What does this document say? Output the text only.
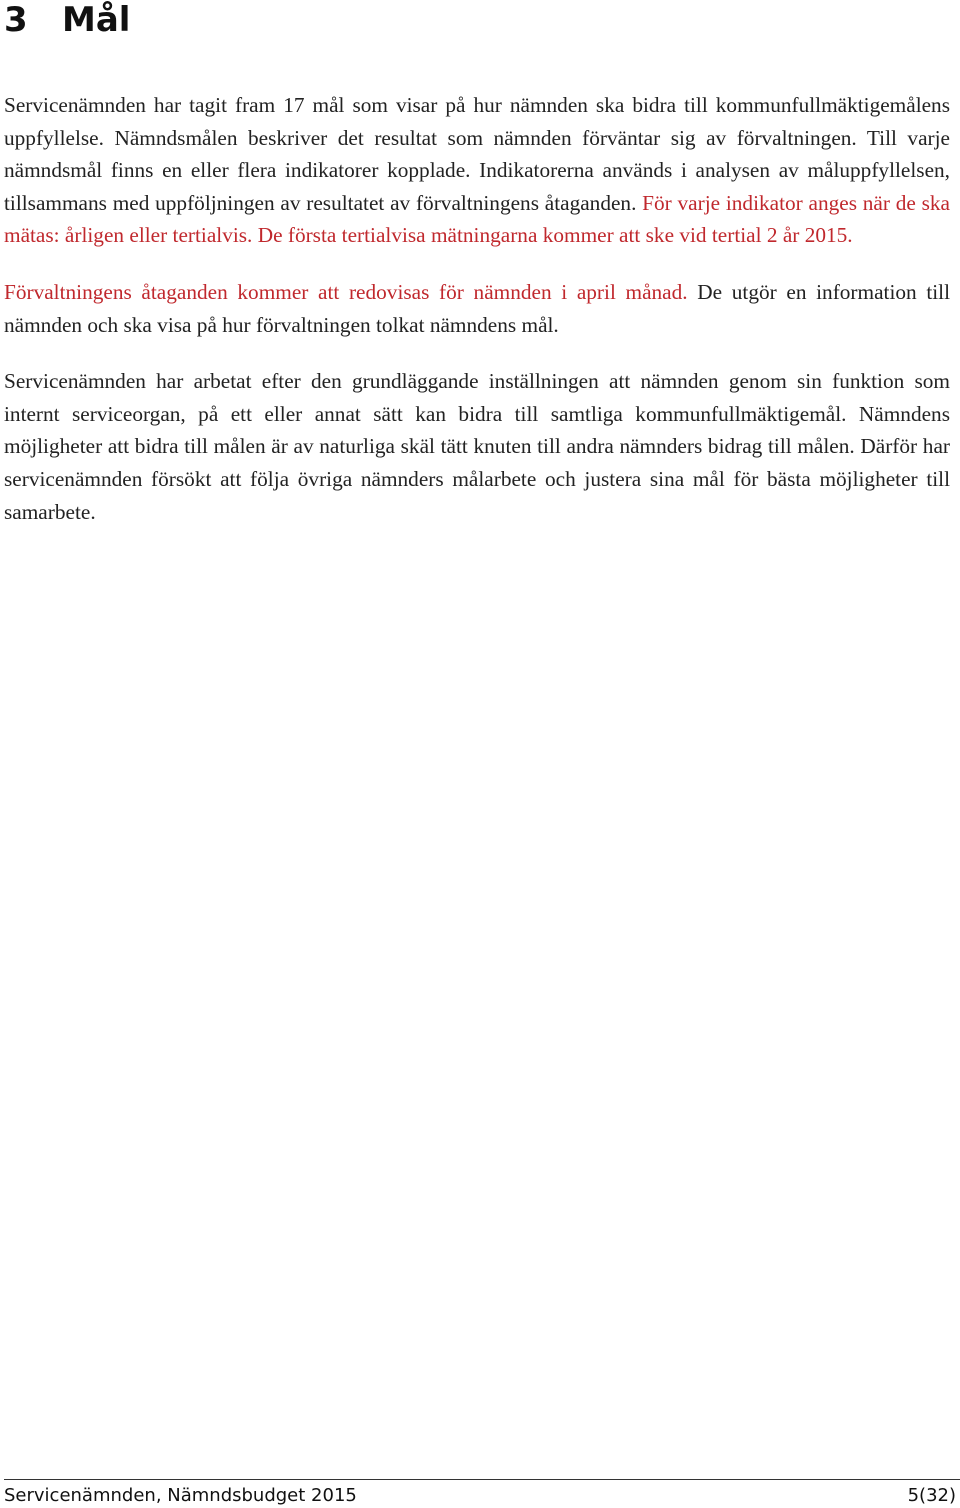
3 Mål

Servicenämnden har tagit fram 17 mål som visar på hur nämnden ska bidra till kommunfullmäktigemålens uppfyllelse. Nämndsmålen beskriver det resultat som nämnden förväntar sig av förvaltningen. Till varje nämndsmål finns en eller flera indikatorer kopplade. Indikatorerna används i analysen av måluppfyllelsen, tillsammans med uppföljningen av resultatet av förvaltningens åtaganden. För varje indikator anges när de ska mätas: årligen eller tertialvis. De första tertialvisa mätningarna kommer att ske vid tertial 2 år 2015.

Förvaltningens åtaganden kommer att redovisas för nämnden i april månad. De utgör en information till nämnden och ska visa på hur förvaltningen tolkat nämndens mål.

Servicenämnden har arbetat efter den grundläggande inställningen att nämnden genom sin funktion som internt serviceorgan, på ett eller annat sätt kan bidra till samtliga kommunfullmäktigemål. Nämndens möjligheter att bidra till målen är av naturliga skäl tätt knuten till andra nämnders bidrag till målen. Därför har servicenämnden försökt att följa övriga nämnders målarbete och justera sina mål för bästa möjligheter till samarbete.

Servicenämnden, Nämndsbudget 2015	5(32)
